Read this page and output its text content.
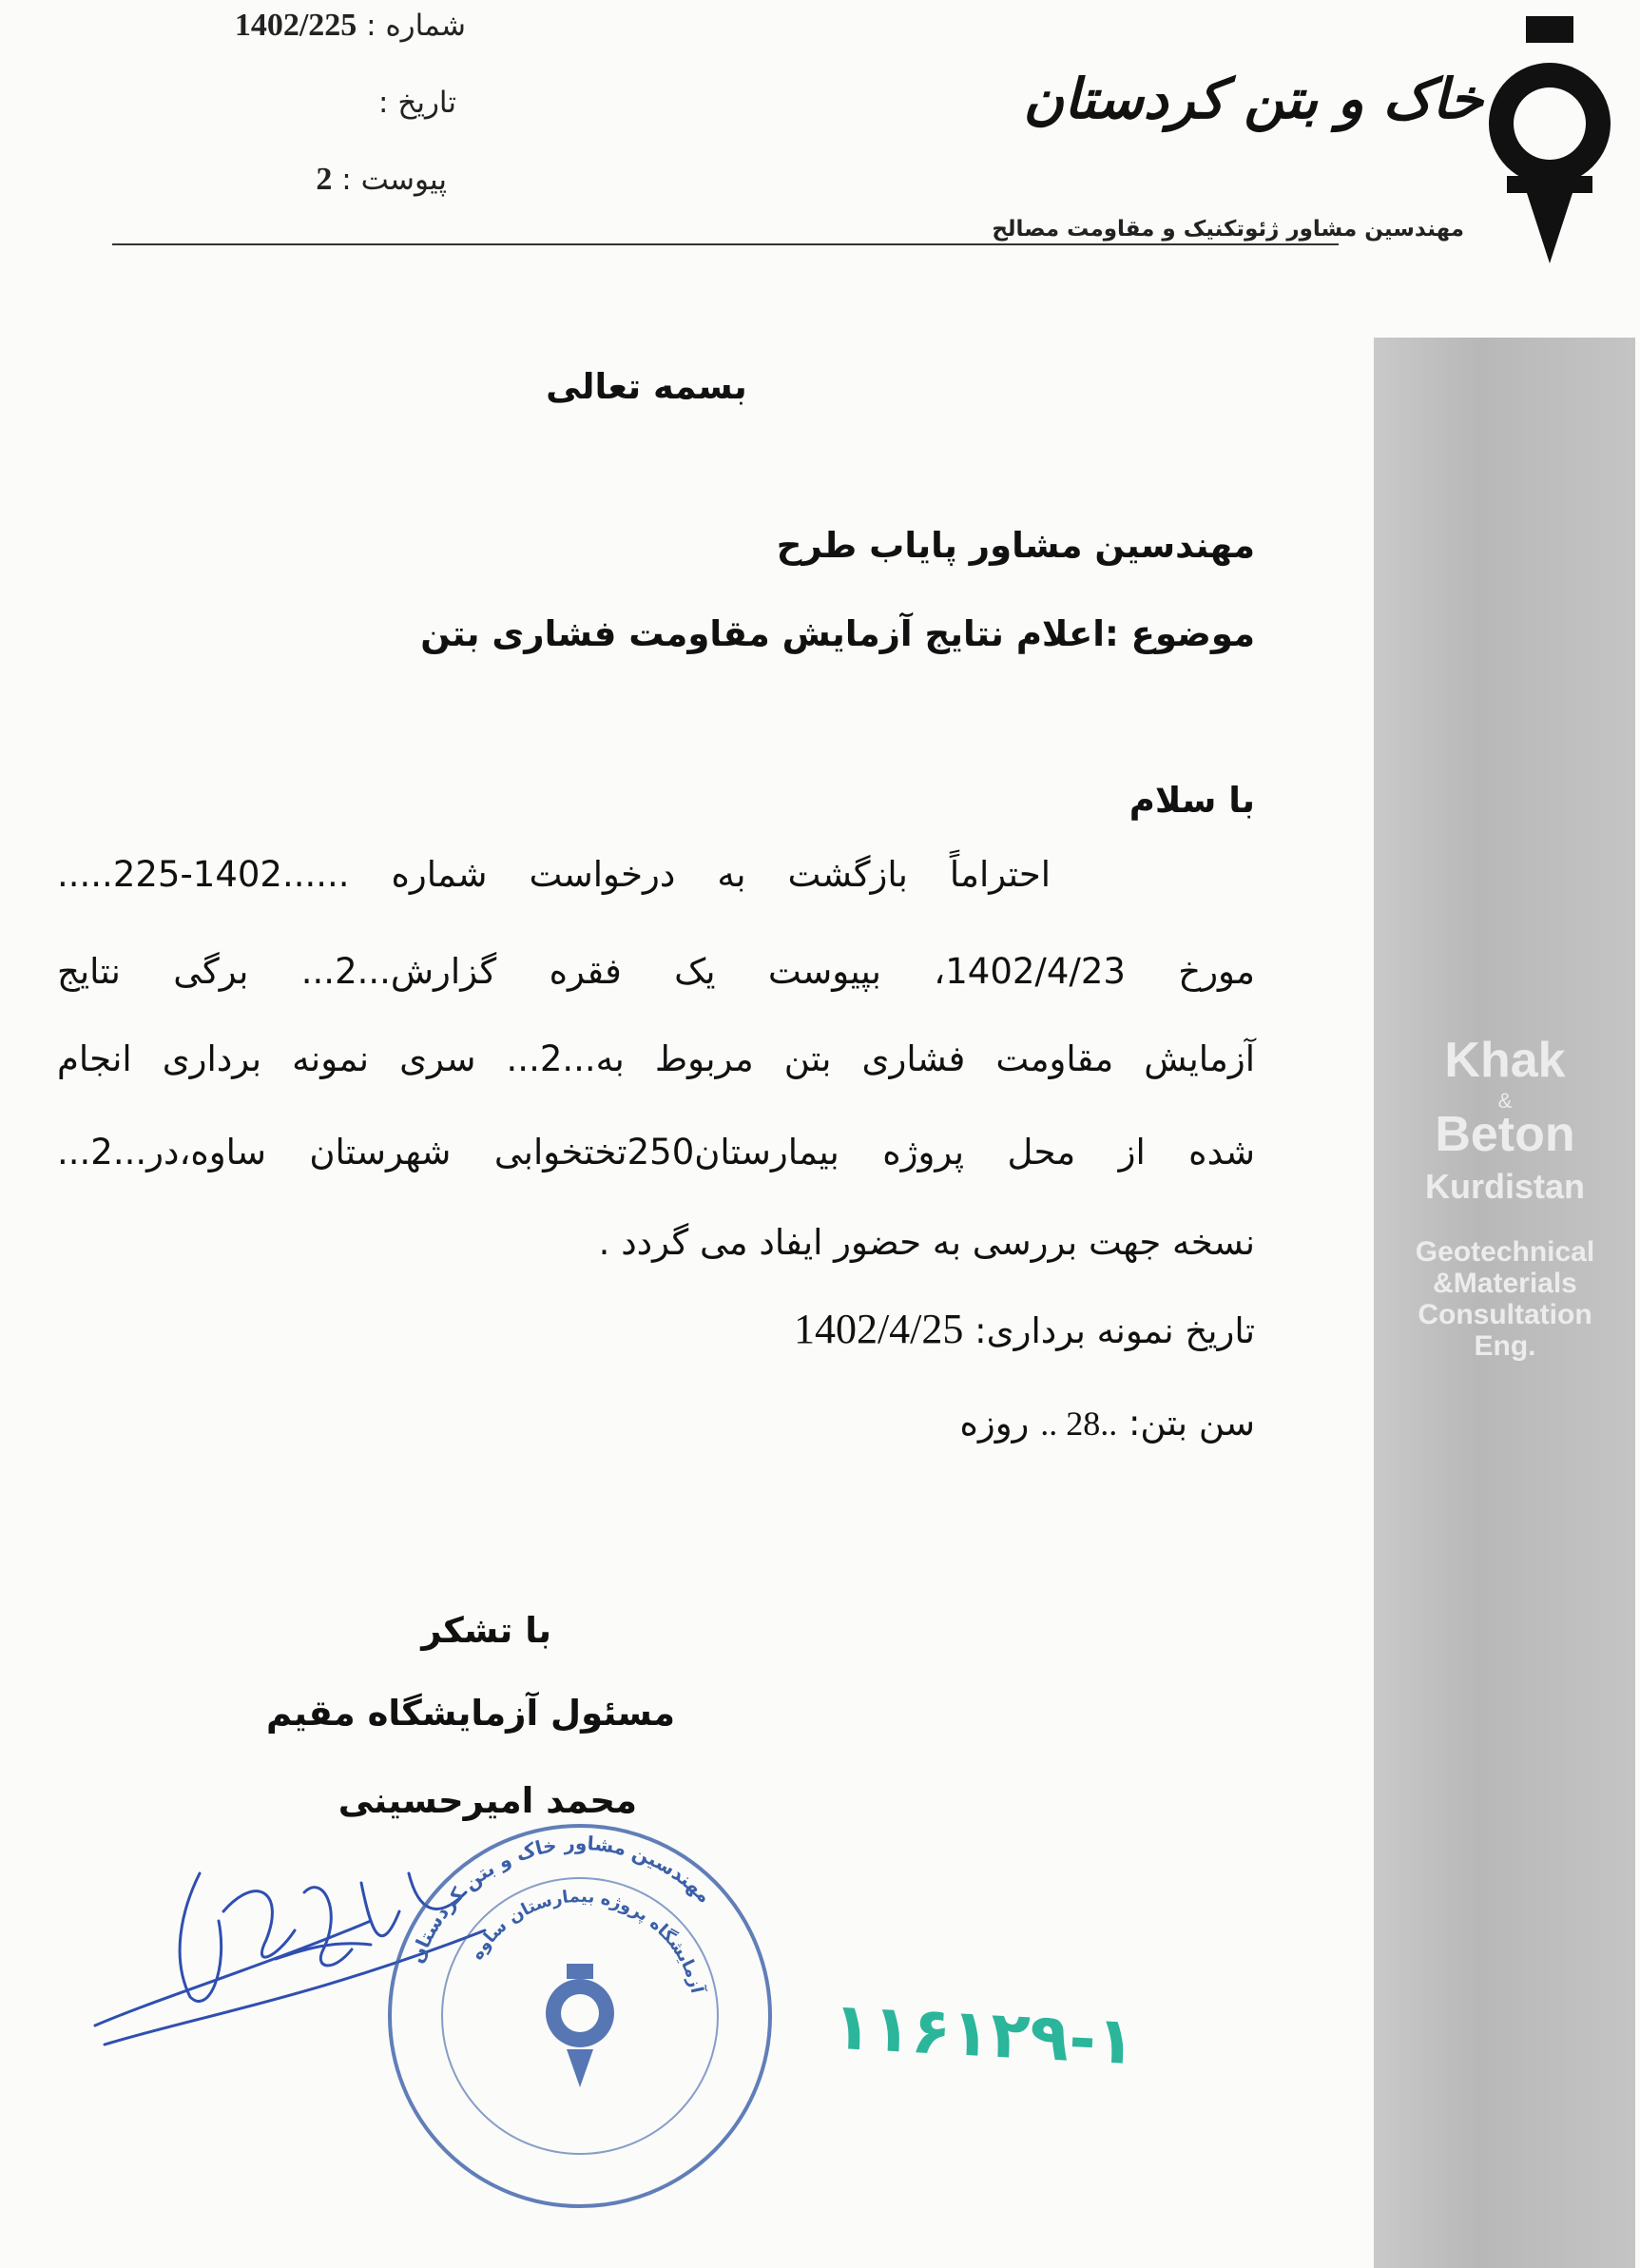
شماره : 1402/225
تاریخ :
پیوست : 2
خاک و بتن کردستان
مهندسین مشاور ژئوتکنیک و مقاومت مصالح
Khak
&
Beton
Kurdistan
Geotechnical
&Materials
Consultation
Eng.
بسمه تعالی
مهندسین مشاور پایاب طرح
موضوع :اعلام نتایج آزمایش مقاومت فشاری بتن
با سلام
احتراماً بازگشت به درخواست شماره ......1402-225.....
مورخ 1402/4/23، بپیوست یک فقره گزارش...2... برگی نتایج
آزمایش مقاومت فشاری بتن مربوط به...2... سری نمونه برداری انجام
شده از محل پروژه بیمارستان250تختخوابی شهرستان ساوه،در...2...
نسخه جهت بررسی به حضور ایفاد می گردد .
تاریخ نمونه برداری: 1402/4/25
سن بتن: .. 28.. روزه
با تشکر
مسئول آزمایشگاه مقیم
محمد امیرحسینی
مهندسین مشاور خاک و بتن کردستان
آزمایشگاه پروژه بیمارستان ساوه ۱۱۶۱۲۹-۱
